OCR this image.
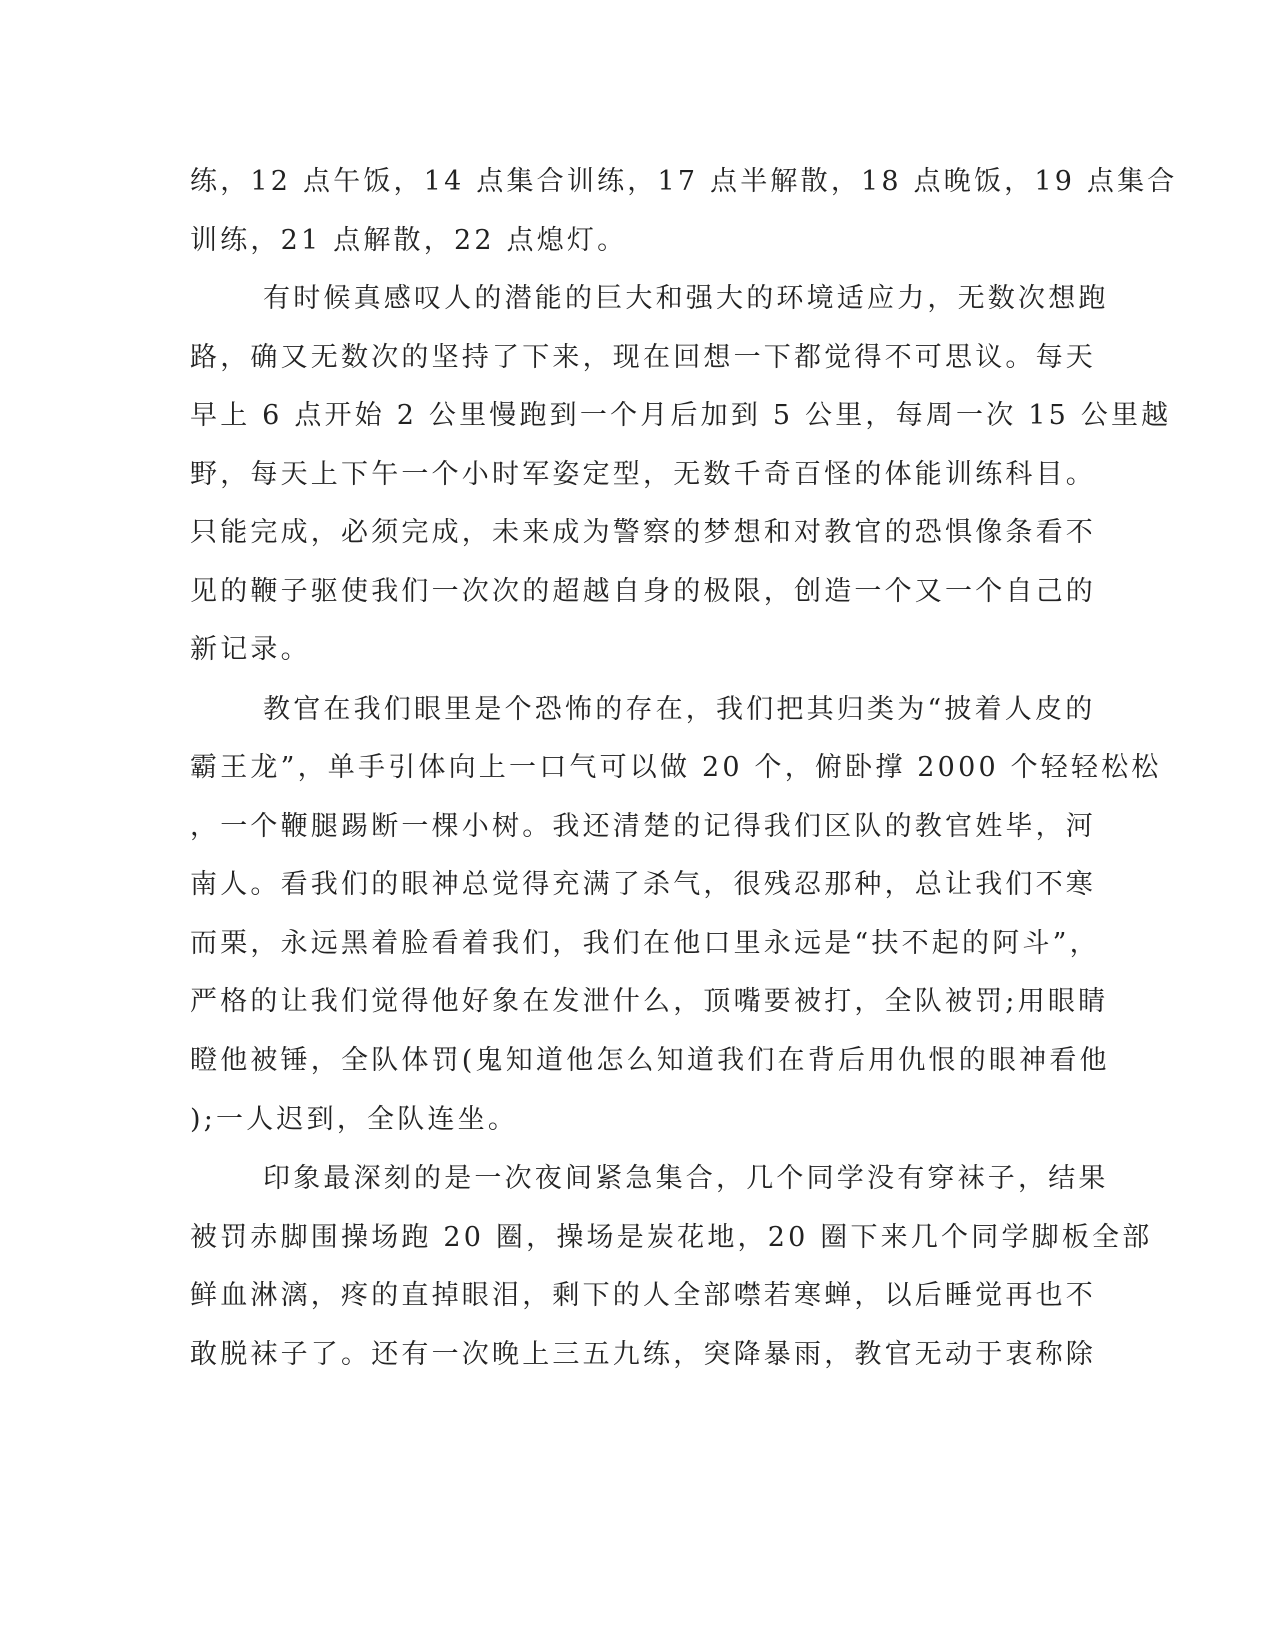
练，12 点午饭，14 点集合训练，17 点半解散，18 点晚饭，19 点集合
训练，21 点解散，22 点熄灯。
有时候真感叹人的潜能的巨大和强大的环境适应力，无数次想跑
路，确又无数次的坚持了下来，现在回想一下都觉得不可思议。每天
早上 6 点开始 2 公里慢跑到一个月后加到 5 公里，每周一次 15 公里越
野，每天上下午一个小时军姿定型，无数千奇百怪的体能训练科目。
只能完成，必须完成，未来成为警察的梦想和对教官的恐惧像条看不
见的鞭子驱使我们一次次的超越自身的极限，创造一个又一个自己的
新记录。
教官在我们眼里是个恐怖的存在，我们把其归类为“披着人皮的
霸王龙”，单手引体向上一口气可以做 20 个，俯卧撑 2000 个轻轻松松
，一个鞭腿踢断一棵小树。我还清楚的记得我们区队的教官姓毕，河
南人。看我们的眼神总觉得充满了杀气，很残忍那种，总让我们不寒
而栗，永远黑着脸看着我们，我们在他口里永远是“扶不起的阿斗”，
严格的让我们觉得他好象在发泄什么，顶嘴要被打，全队被罚;用眼睛
瞪他被锤，全队体罚(鬼知道他怎么知道我们在背后用仇恨的眼神看他
);一人迟到，全队连坐。
印象最深刻的是一次夜间紧急集合，几个同学没有穿袜子，结果
被罚赤脚围操场跑 20 圈，操场是炭花地，20 圈下来几个同学脚板全部
鲜血淋漓，疼的直掉眼泪，剩下的人全部噤若寒蝉，以后睡觉再也不
敢脱袜子了。还有一次晚上三五九练，突降暴雨，教官无动于衷称除
